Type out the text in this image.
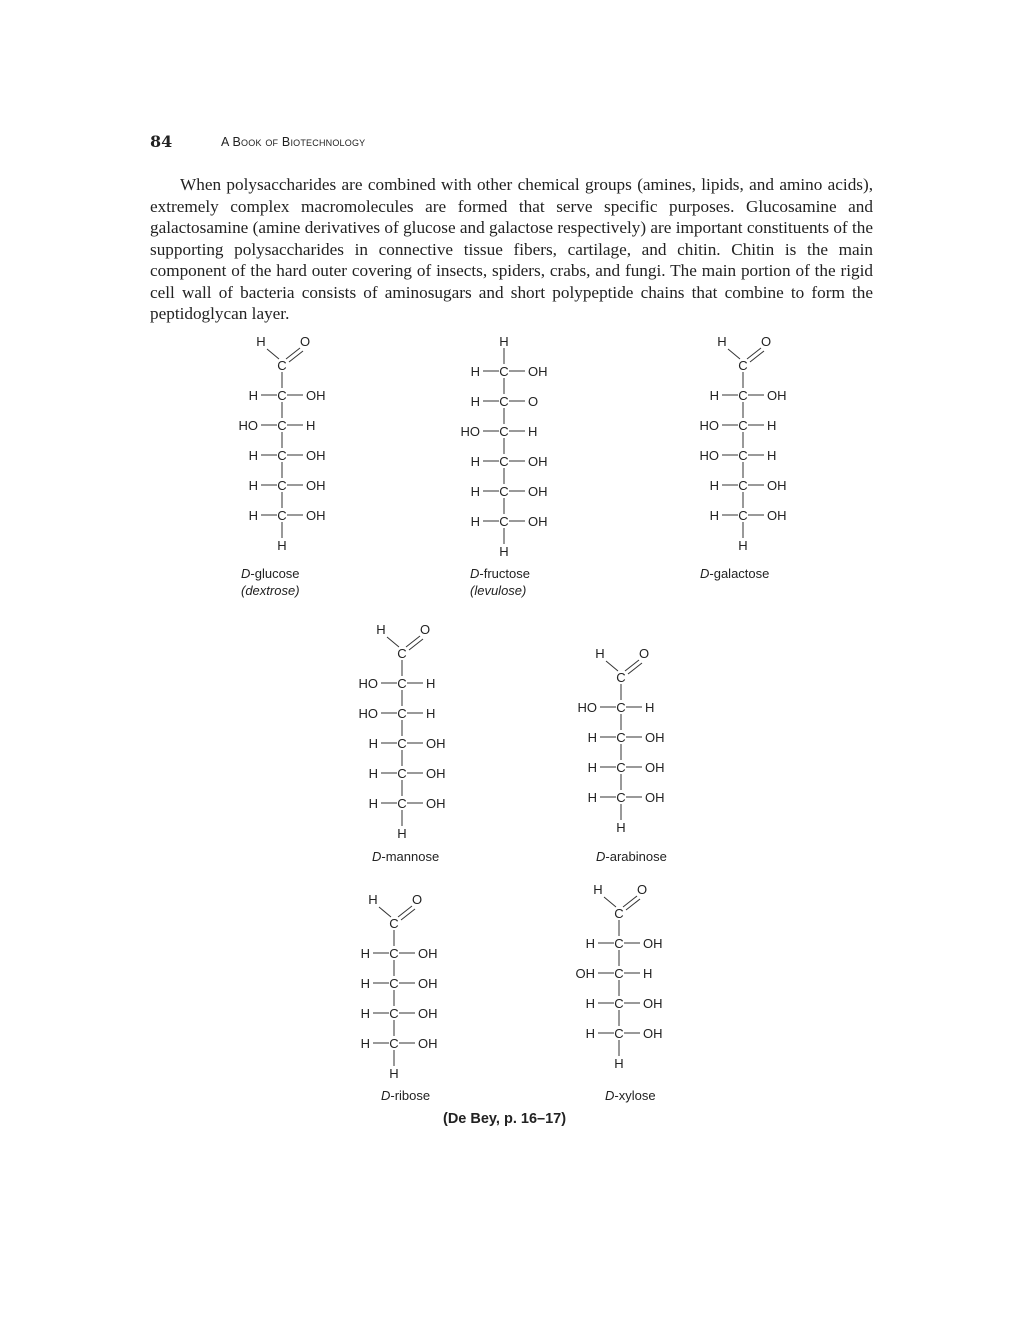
84	A Book of Biotechnology

When polysaccharides are combined with other chemical groups (amines, lipids, and amino acids), extremely complex macromolecules are formed that serve specific purposes. Glucosamine and galactosamine (amine derivatives of glucose and galactose respectively) are important constituents of the supporting polysaccharides in connective tissue fibers, cartilage, and chitin. Chitin is the main component of the hard outer covering of insects, spiders, crabs, and fungi. The main portion of the rigid cell wall of bacteria consists of aminosugars and short polypeptide chains that combine to form the peptidoglycan layer.

H	O
C
C
H	OH
C
HO	H
C
H	OH
C
H	OH
C
H	OH
H
D-glucose
(dextrose)
H
C
H	OH
C
H	O
C
HO	H
C
H	OH
C
H	OH
C
H	OH
H
D-fructose
(levulose)
H	O
C
C
H	OH
C
HO	H
C
HO	H
C
H	OH
C
H	OH
H
D-galactose
H	O
C
C
HO	H
C
HO	H
C
H	OH
C
H	OH
C
H	OH
H
D-mannose
H	O
C
C
HO	H
C
H	OH
C
H	OH
C
H	OH
H
D-arabinose
H	O
C
C
H	OH
C
H	OH
C
H	OH
C
H	OH
H
D-ribose
H	O
C
C
H	OH
C
OH	H
C
H	OH
C
H	OH
H
D-xylose
(De Bey, p. 16–17)
